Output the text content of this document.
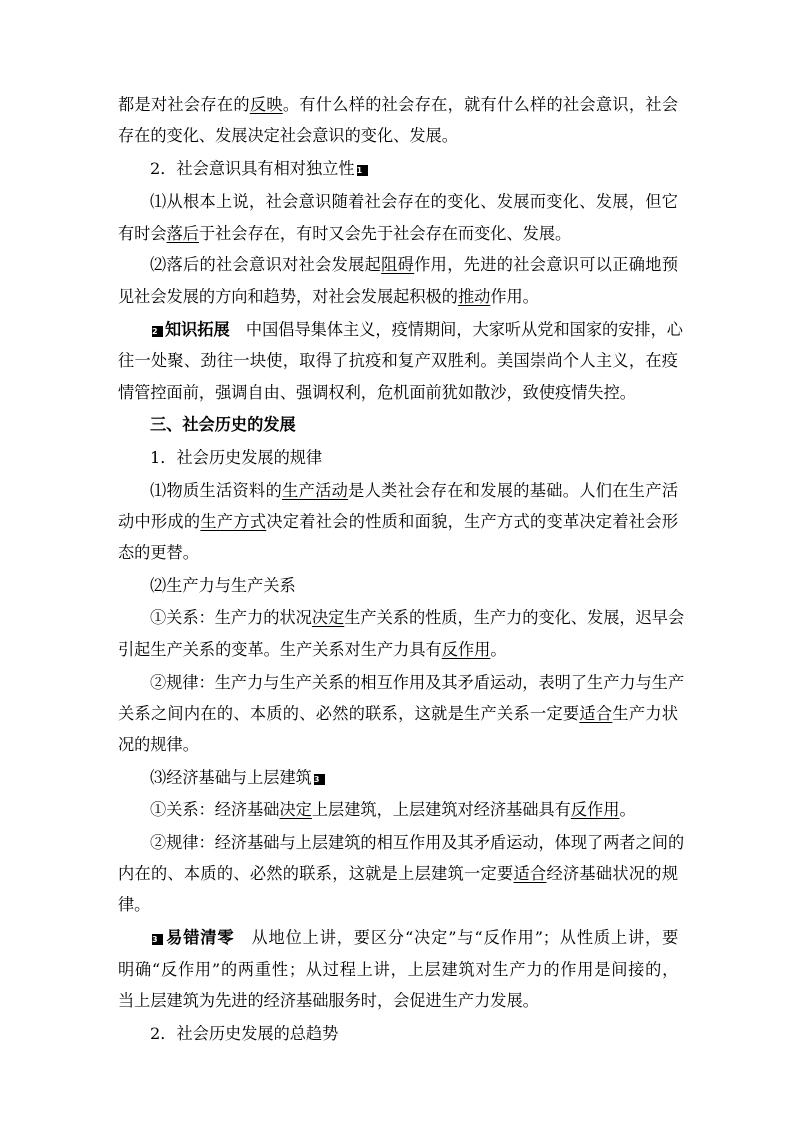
都是对社会存在的反映。有什么样的社会存在，就有什么样的社会意识，社会
存在的变化、发展决定社会意识的变化、发展。
2．社会意识具有相对独立性 1
⑴从根本上说，社会意识随着社会存在的变化、发展而变化、发展，但它
有时会落后于社会存在，有时又会先于社会存在而变化、发展。
⑵落后的社会意识对社会发展起阻碍作用，先进的社会意识可以正确地预
见社会发展的方向和趋势，对社会发展起积极的推动作用。
2 知识拓展　中国倡导集体主义，疫情期间，大家听从党和国家的安排，心
往一处聚、劲往一块使，取得了抗疫和复产双胜利。美国崇尚个人主义，在疫
情管控面前，强调自由、强调权利，危机面前犹如散沙，致使疫情失控。
三、社会历史的发展
1．社会历史发展的规律
⑴物质生活资料的生产活动是人类社会存在和发展的基础。人们在生产活
动中形成的生产方式决定着社会的性质和面貌，生产方式的变革决定着社会形
态的更替。
⑵生产力与生产关系
①关系：生产力的状况决定生产关系的性质，生产力的变化、发展，迟早会
引起生产关系的变革。生产关系对生产力具有反作用。
②规律：生产力与生产关系的相互作用及其矛盾运动，表明了生产力与生产
关系之间内在的、本质的、必然的联系，这就是生产关系一定要适合生产力状
况的规律。
⑶经济基础与上层建筑 3
①关系：经济基础决定上层建筑，上层建筑对经济基础具有反作用。
②规律：经济基础与上层建筑的相互作用及其矛盾运动，体现了两者之间的
内在的、本质的、必然的联系，这就是上层建筑一定要适合经济基础状况的规
律。
3 易错清零　从地位上讲，要区分“决定”与“反作用”；从性质上讲，要
明确“反作用”的两重性；从过程上讲，上层建筑对生产力的作用是间接的，
当上层建筑为先进的经济基础服务时，会促进生产力发展。
2．社会历史发展的总趋势
